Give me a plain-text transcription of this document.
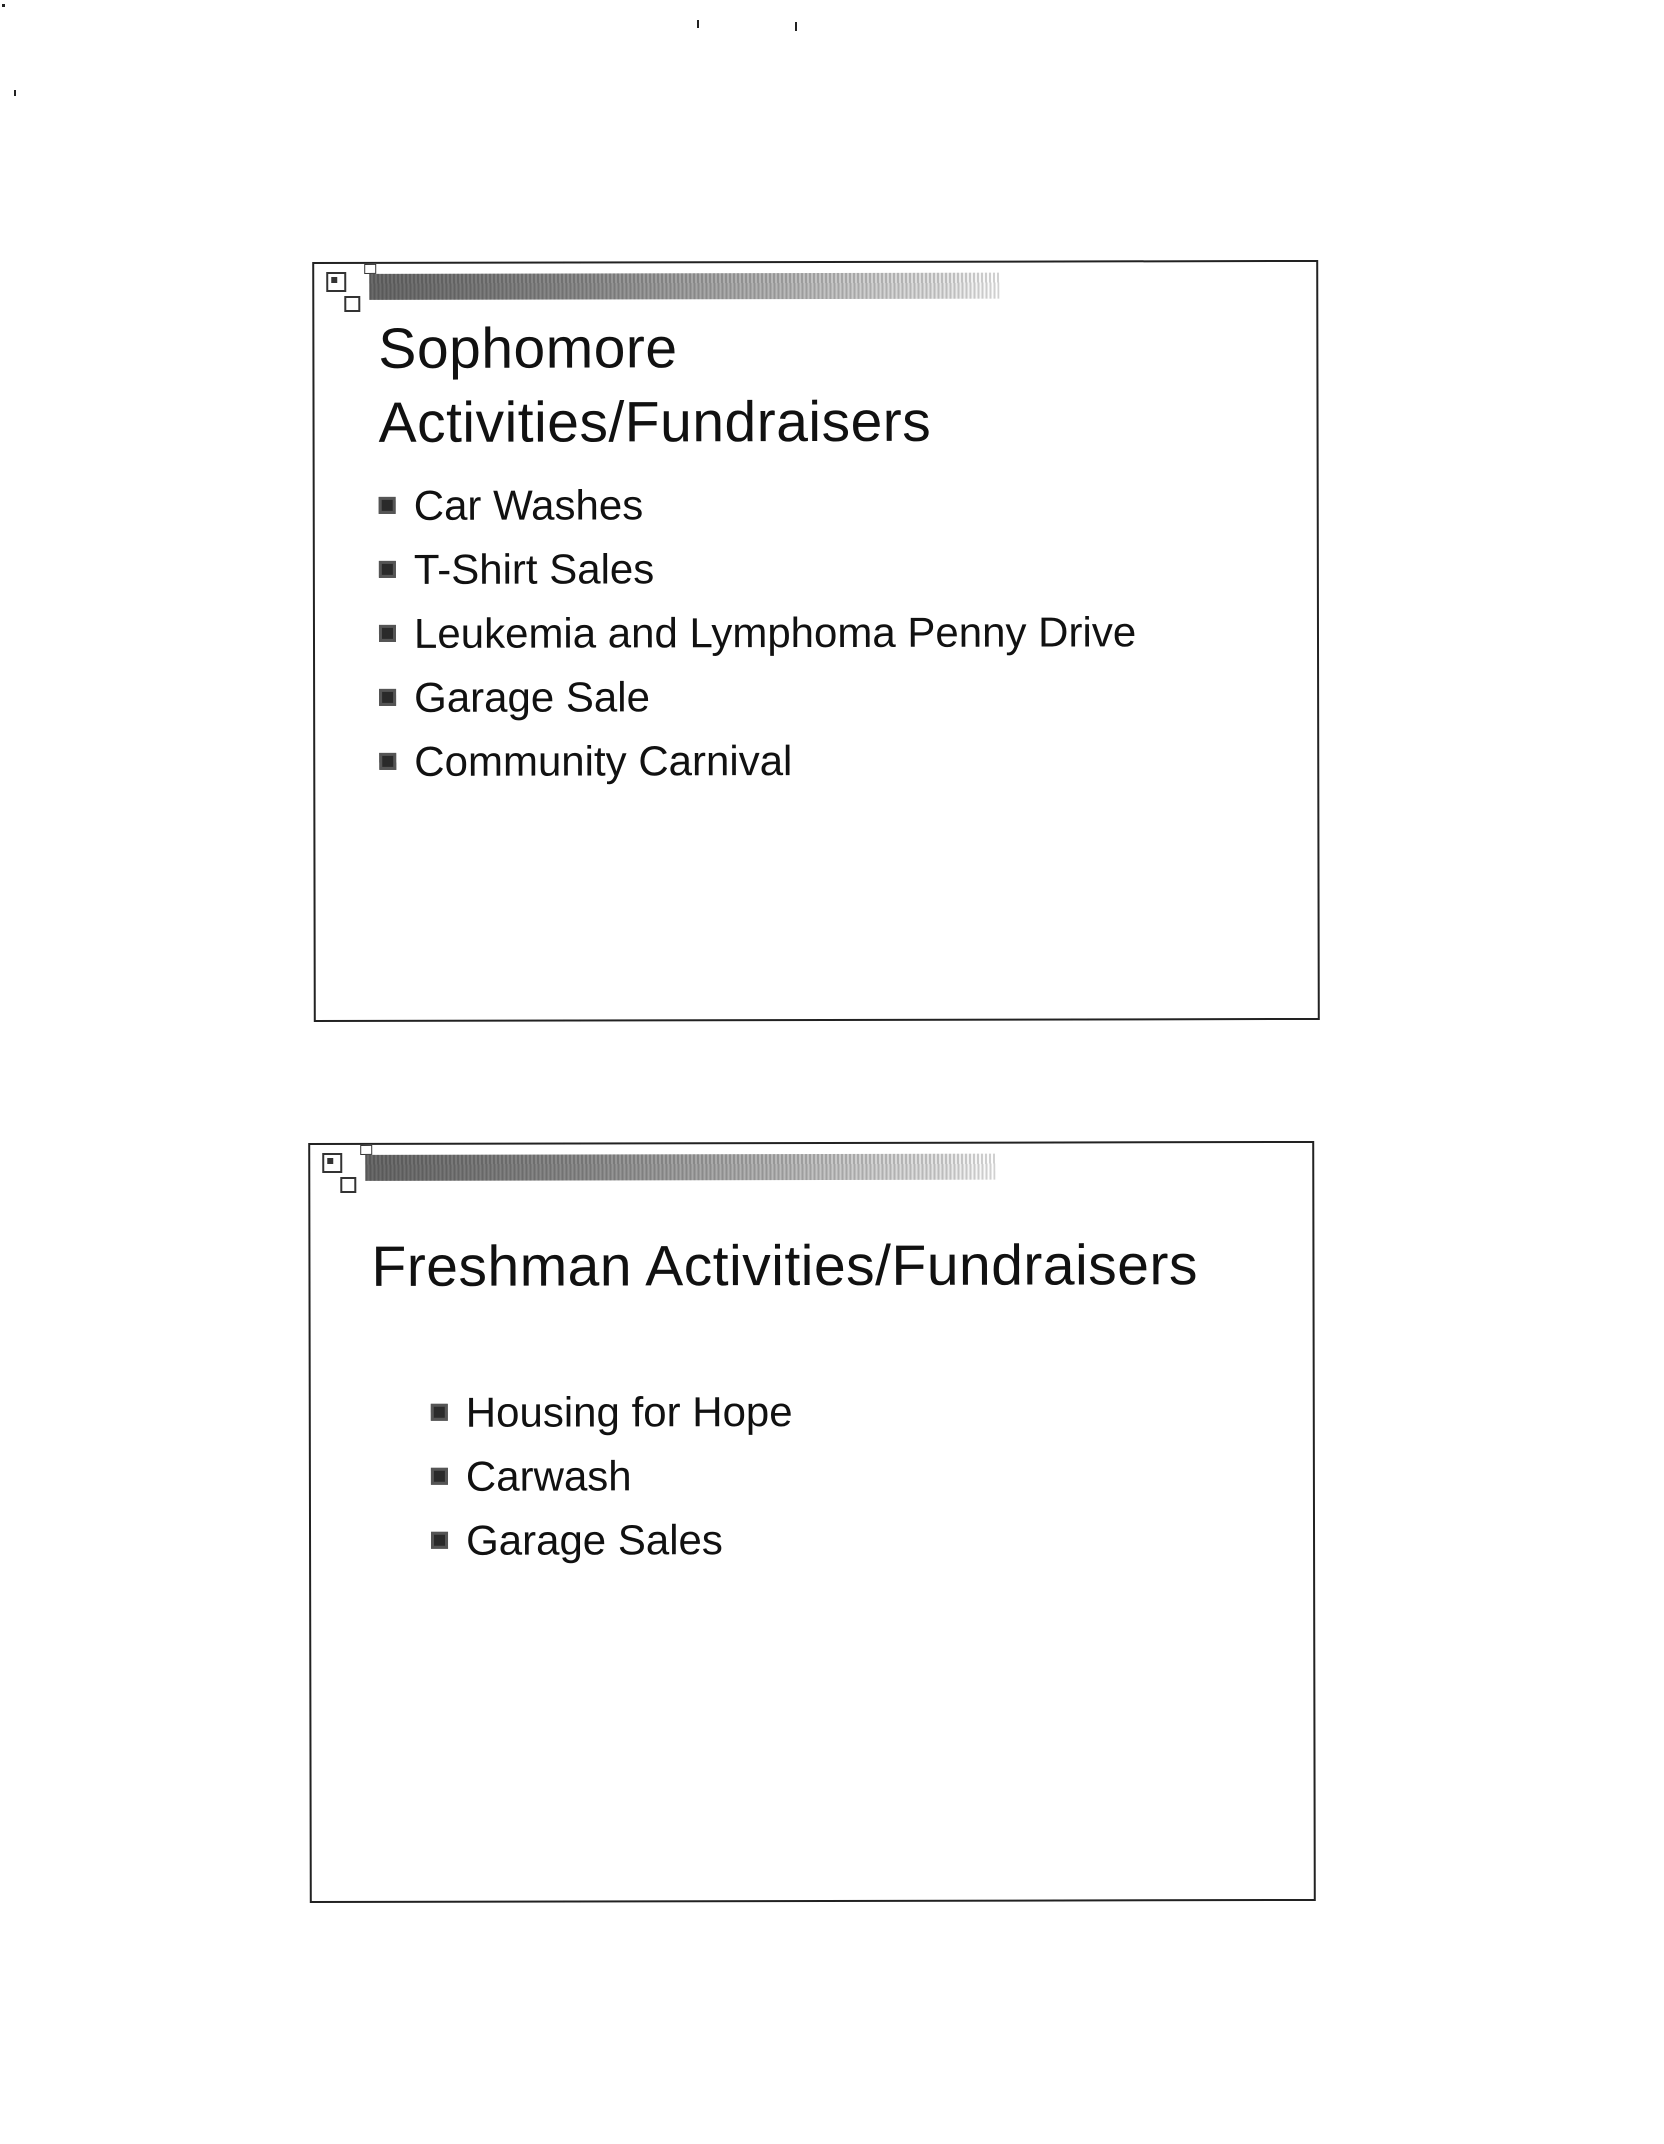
Sophomore
Activities/Fundraisers
Car Washes
T-Shirt Sales
Leukemia and Lymphoma Penny Drive
Garage Sale
Community Carnival
Freshman Activities/Fundraisers
Housing for Hope
Carwash
Garage Sales
